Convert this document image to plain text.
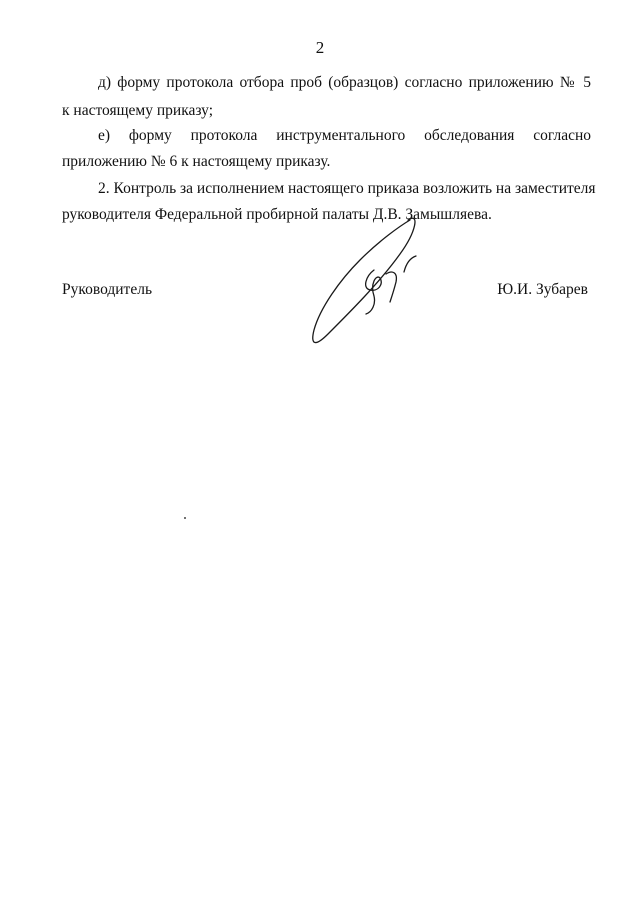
2
д) форму протокола отбора проб (образцов) согласно приложению № 5
к настоящему приказу;
е) форму протокола инструментального обследования согласно
приложению № 6 к настоящему приказу.
2. Контроль за исполнением настоящего приказа возложить на заместителя
руководителя Федеральной пробирной палаты Д.В. Замышляева.
Руководитель	Ю.И. Зубарев
